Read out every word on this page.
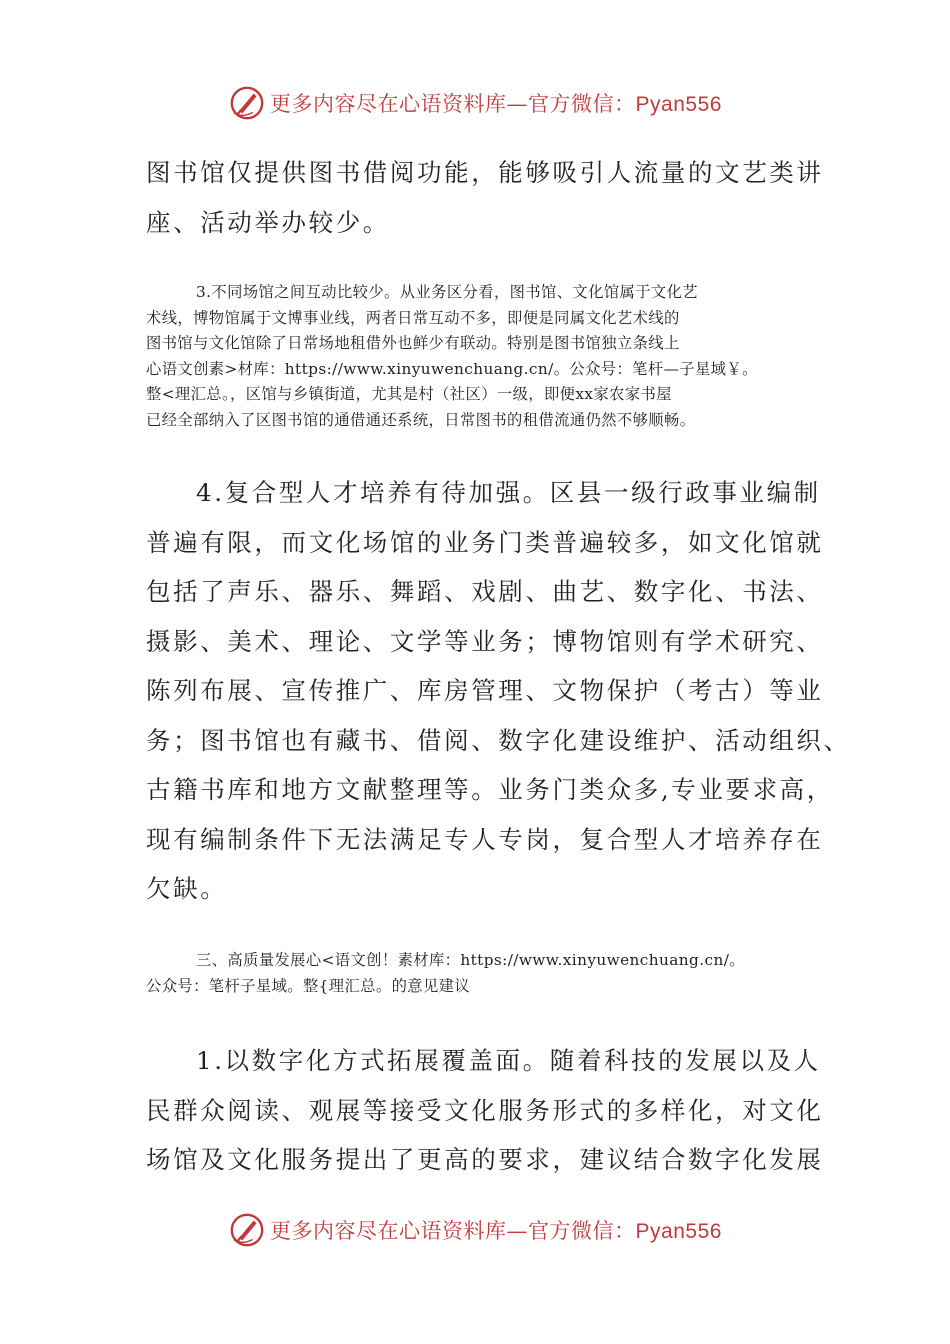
更多内容尽在心语资料库—官方微信：Pyan556

图书馆仅提供图书借阅功能，能够吸引人流量的文艺类讲
座、活动举办较少。

3.不同场馆之间互动比较少。从业务区分看，图书馆、文化馆属于文化艺
术线，博物馆属于文博事业线，两者日常互动不多，即便是同属文化艺术线的
图书馆与文化馆除了日常场地租借外也鲜少有联动。特别是图书馆独立条线上
心语文创素>材库：https://www.xinyuwenchuang.cn/。公众号：笔杆—子星域￥。
整<理汇总。，区馆与乡镇街道，尤其是村（社区）一级，即便xx家农家书屋
已经全部纳入了区图书馆的通借通还系统，日常图书的租借流通仍然不够顺畅。

4.复合型人才培养有待加强。区县一级行政事业编制
普遍有限，而文化场馆的业务门类普遍较多，如文化馆就
包括了声乐、器乐、舞蹈、戏剧、曲艺、数字化、书法、
摄影、美术、理论、文学等业务；博物馆则有学术研究、
陈列布展、宣传推广、库房管理、文物保护（考古）等业
务；图书馆也有藏书、借阅、数字化建设维护、活动组织、
古籍书库和地方文献整理等。业务门类众多,专业要求高，
现有编制条件下无法满足专人专岗，复合型人才培养存在
欠缺。

三、高质量发展心<语文创！素材库：https://www.xinyuwenchuang.cn/。
公众号：笔杆子星域。整{理汇总。的意见建议

1.以数字化方式拓展覆盖面。随着科技的发展以及人
民群众阅读、观展等接受文化服务形式的多样化，对文化
场馆及文化服务提出了更高的要求，建议结合数字化发展

更多内容尽在心语资料库—官方微信：Pyan556
